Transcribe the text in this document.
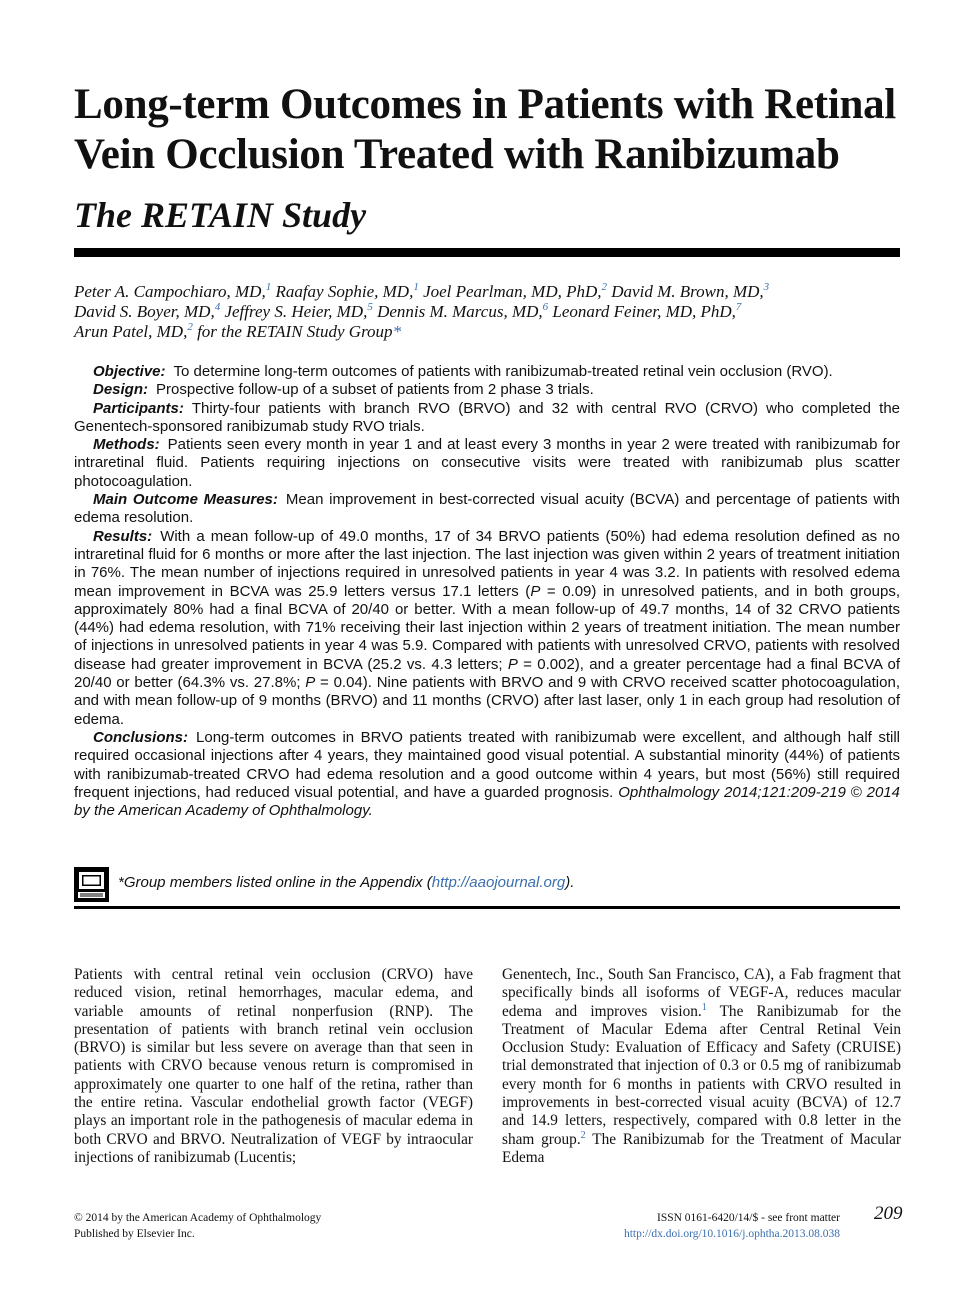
Long-term Outcomes in Patients with Retinal Vein Occlusion Treated with Ranibizumab
The RETAIN Study
Peter A. Campochiaro, MD,$^1$ Raafay Sophie, MD,$^1$ Joel Pearlman, MD, PhD,$^2$ David M. Brown, MD,$^3$
David S. Boyer, MD,$^4$ Jeffrey S. Heier, MD,$^5$ Dennis M. Marcus, MD,$^6$ Leonard Feiner, MD, PhD,$^7$
Arun Patel, MD,$^2$ for the RETAIN Study Group*

Objective: To determine long-term outcomes of patients with ranibizumab-treated retinal vein occlusion (RVO).

Design: Prospective follow-up of a subset of patients from 2 phase 3 trials.

Participants: Thirty-four patients with branch RVO (BRVO) and 32 with central RVO (CRVO) who completed the Genentech-sponsored ranibizumab study RVO trials.

Methods: Patients seen every month in year 1 and at least every 3 months in year 2 were treated with ranibizumab for intraretinal fluid. Patients requiring injections on consecutive visits were treated with ranibizumab plus scatter photocoagulation.

Main Outcome Measures: Mean improvement in best-corrected visual acuity (BCVA) and percentage of patients with edema resolution.

Results: With a mean follow-up of 49.0 months, 17 of 34 BRVO patients (50%) had edema resolution defined as no intraretinal fluid for 6 months or more after the last injection. The last injection was given within 2 years of treatment initiation in 76%. The mean number of injections required in unresolved patients in year 4 was 3.2. In patients with resolved edema mean improvement in BCVA was 25.9 letters versus 17.1 letters (P = 0.09) in unresolved patients, and in both groups, approximately 80% had a final BCVA of 20/40 or better. With a mean follow-up of 49.7 months, 14 of 32 CRVO patients (44%) had edema resolution, with 71% receiving their last injection within 2 years of treatment initiation. The mean number of injections in unresolved patients in year 4 was 5.9. Compared with patients with unresolved CRVO, patients with resolved disease had greater improvement in BCVA (25.2 vs. 4.3 letters; P = 0.002), and a greater percentage had a final BCVA of 20/40 or better (64.3% vs. 27.8%; P = 0.04). Nine patients with BRVO and 9 with CRVO received scatter photocoagulation, and with mean follow-up of 9 months (BRVO) and 11 months (CRVO) after last laser, only 1 in each group had resolution of edema.

Conclusions: Long-term outcomes in BRVO patients treated with ranibizumab were excellent, and although half still required occasional injections after 4 years, they maintained good visual potential. A substantial minority (44%) of patients with ranibizumab-treated CRVO had edema resolution and a good outcome within 4 years, but most (56%) still required frequent injections, had reduced visual potential, and have a guarded prognosis. Ophthalmology 2014;121:209-219 © 2014 by the American Academy of Ophthalmology.

*Group members listed online in the Appendix (http://aaojournal.org).

Patients with central retinal vein occlusion (CRVO) have reduced vision, retinal hemorrhages, macular edema, and variable amounts of retinal nonperfusion (RNP). The presentation of patients with branch retinal vein occlusion (BRVO) is similar but less severe on average than that seen in patients with CRVO because venous return is compromised in approximately one quarter to one half of the retina, rather than the entire retina. Vascular endothelial growth factor (VEGF) plays an important role in the pathogenesis of macular edema in both CRVO and BRVO. Neutralization of VEGF by intraocular injections of ranibizumab (Lucentis;

Genentech, Inc., South San Francisco, CA), a Fab fragment that specifically binds all isoforms of VEGF-A, reduces macular edema and improves vision.$^1$ The Ranibizumab for the Treatment of Macular Edema after Central Retinal Vein Occlusion Study: Evaluation of Efficacy and Safety (CRUISE) trial demonstrated that injection of 0.3 or 0.5 mg of ranibizumab every month for 6 months in patients with CRVO resulted in improvements in best-corrected visual acuity (BCVA) of 12.7 and 14.9 letters, respectively, compared with 0.8 letter in the sham group.$^2$ The Ranibizumab for the Treatment of Macular Edema

© 2014 by the American Academy of Ophthalmology
Published by Elsevier Inc.
ISSN 0161-6420/14/$ - see front matter
http://dx.doi.org/10.1016/j.ophtha.2013.08.038
209
